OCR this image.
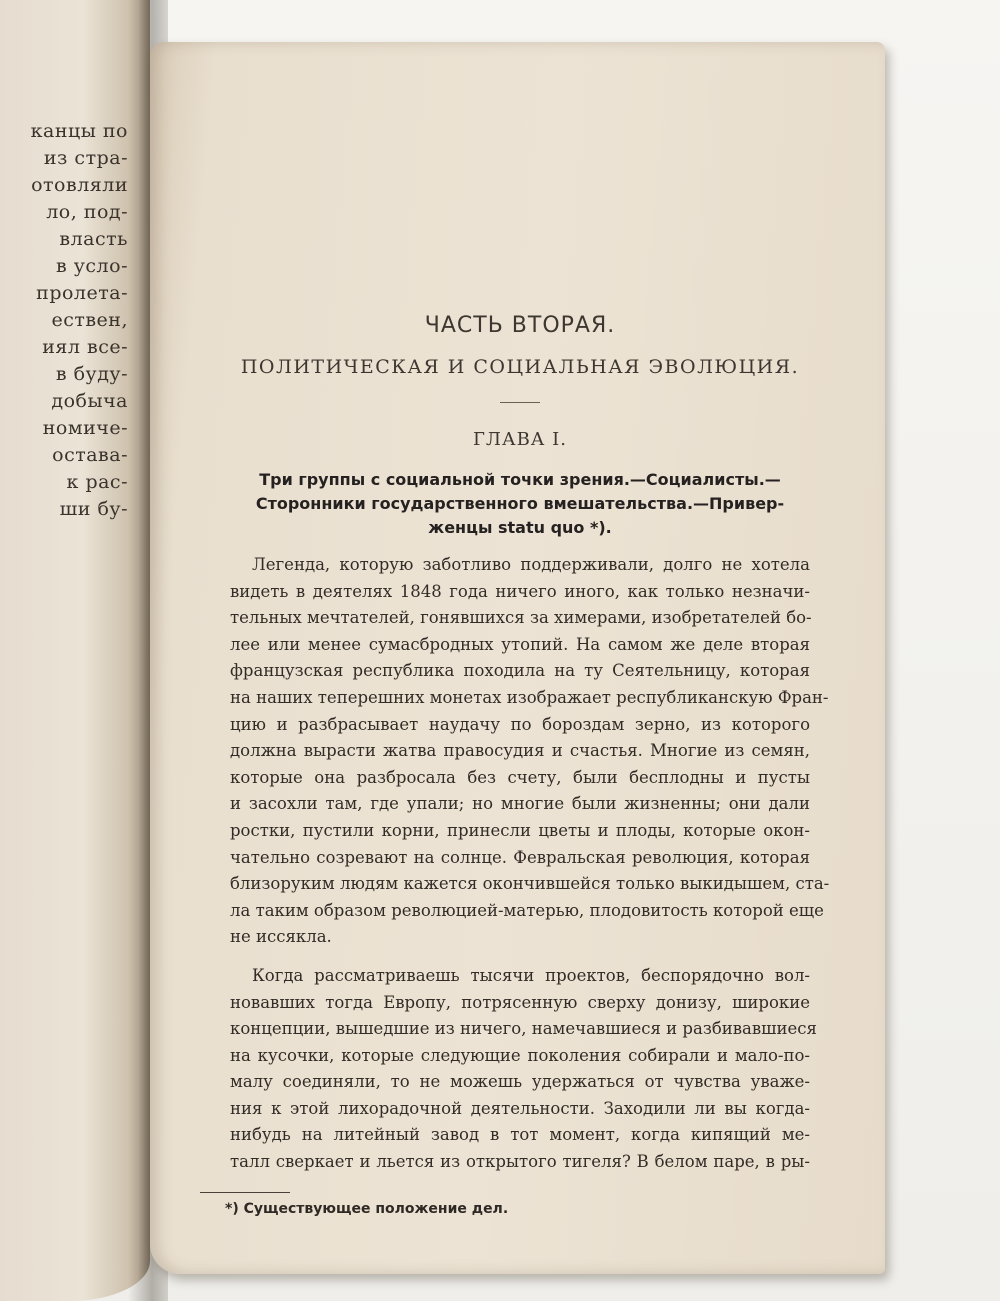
канцы по
из стра-
отовляли
ло, под-
власть
в усло-
пролета-
ествен,
иял все-
в буду-
добыча
номиче-
остава-
к рас-
ши бу-
ЧАСТЬ ВТОРАЯ.
ПОЛИТИЧЕСКАЯ И СОЦИАЛЬНАЯ ЭВОЛЮЦИЯ.
ГЛАВА I.
Три группы с социальной точки зрения.—Социалисты.—
Сторонники государственного вмешательства.—Привер-
женцы statu quo *).
Легенда, которую заботливо поддерживали, долго не хотела
видеть в деятелях 1848 года ничего иного, как только незначи-
тельных мечтателей, гонявшихся за химерами, изобретателей бо-
лее или менее сумасбродных утопий. На самом же деле вторая
французская республика походила на ту Сеятельницу, которая
на наших теперешних монетах изображает республиканскую Фран-
цию и разбрасывает наудачу по бороздам зерно, из которого
должна вырасти жатва правосудия и счастья. Многие из семян,
которые она разбросала без счету, были бесплодны и пусты
и засохли там, где упали; но многие были жизненны; они дали
ростки, пустили корни, принесли цветы и плоды, которые окон-
чательно созревают на солнце. Февральская революция, которая
близоруким людям кажется окончившейся только выкидышем, ста-
ла таким образом революцией-матерью, плодовитость которой еще
не иссякла.
Когда рассматриваешь тысячи проектов, беспорядочно вол-
новавших тогда Европу, потрясенную сверху донизу, широкие
концепции, вышедшие из ничего, намечавшиеся и разбивавшиеся
на кусочки, которые следующие поколения собирали и мало-по-
малу соединяли, то не можешь удержаться от чувства уваже-
ния к этой лихорадочной деятельности. Заходили ли вы когда-
нибудь на литейный завод в тот момент, когда кипящий ме-
талл сверкает и льется из открытого тигеля? В белом паре, в ры-
*) Существующее положение дел.
